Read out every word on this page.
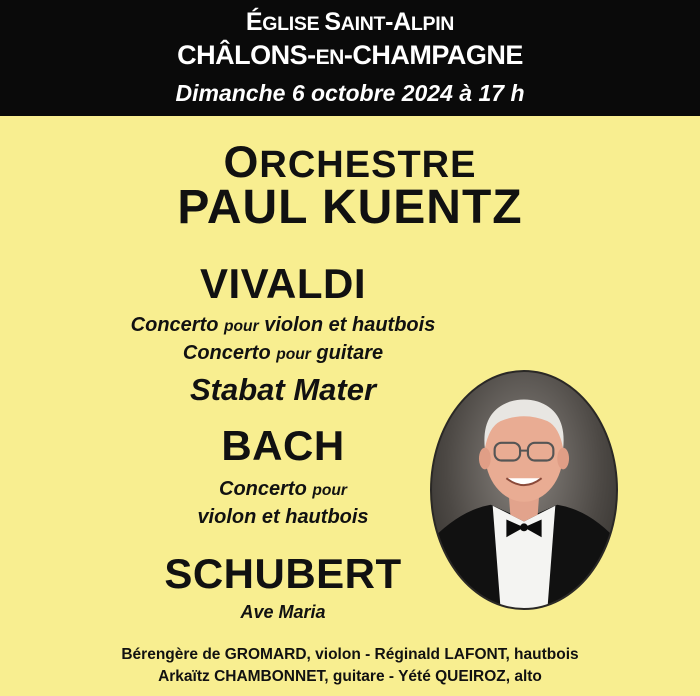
ÉGLISE SAINT-ALPIN
CHÂLONS-EN-CHAMPAGNE
Dimanche 6 octobre 2024 à 17 h
ORCHESTRE
PAUL KUENTZ
VIVALDI
Concerto pour violon et hautbois
Concerto pour guitare
Stabat Mater
BACH
Concerto pour
violon et hautbois
SCHUBERT
Ave Maria
Bérengère de GROMARD, violon - Réginald LAFONT, hautbois
Arkaïtz CHAMBONNET, guitare - Yété QUEIROZ, alto
